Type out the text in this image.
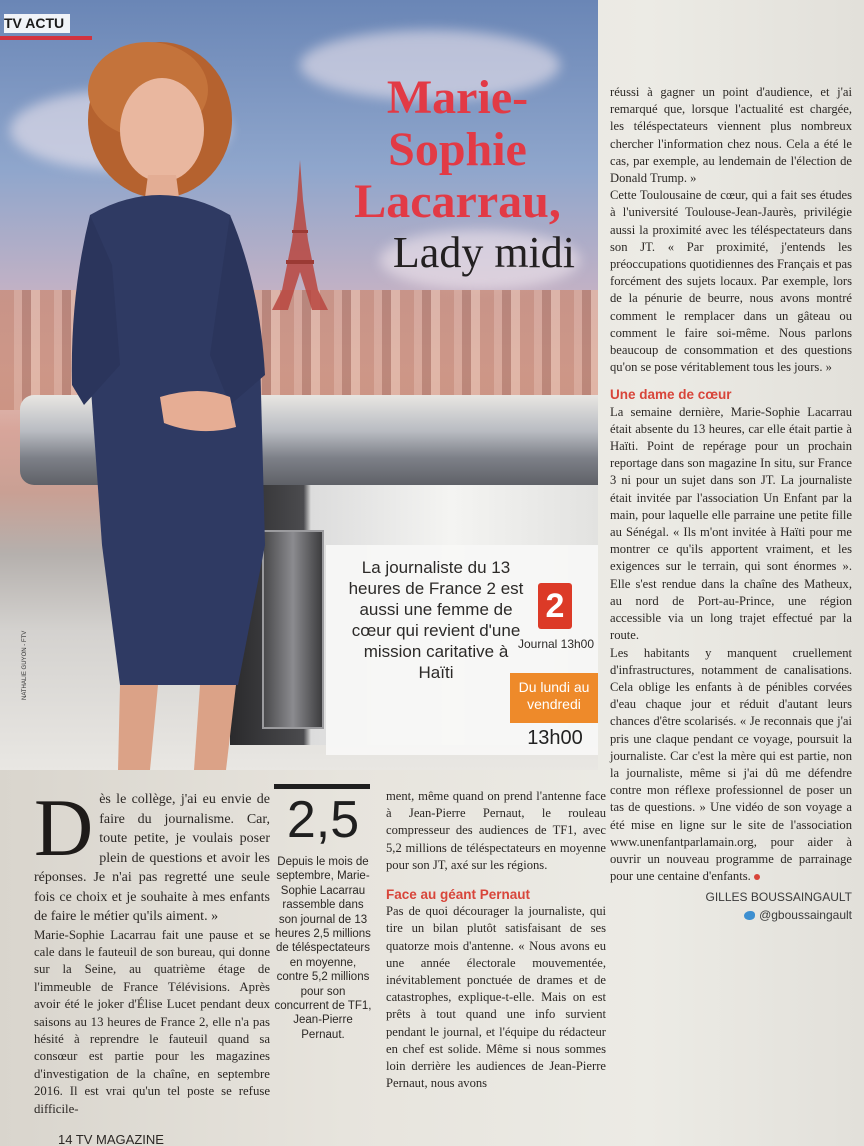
NATHALIE GUYON - FTV
TV ACTU
Marie-
Sophie
Lacarrau,
Lady midi
La journaliste du 13 heures de France 2 est aussi une femme de cœur qui revient d'une mission caritative à Haïti
2
Journal 13h00
Du lundi au vendredi
13h00

réussi à gagner un point d'audience, et j'ai remarqué que, lorsque l'actualité est chargée, les téléspectateurs viennent plus nombreux chercher l'information chez nous. Cela a été le cas, par exemple, au lendemain de l'élection de Donald Trump. »

Cette Toulousaine de cœur, qui a fait ses études à l'université Toulouse-Jean-Jaurès, privilégie aussi la proximité avec les téléspectateurs dans son JT. « Par proximité, j'entends les préoccupations quotidiennes des Français et pas forcément des sujets locaux. Par exemple, lors de la pénurie de beurre, nous avons montré comment le remplacer dans un gâteau ou comment le faire soi-même. Nous parlons beaucoup de consommation et des questions qu'on se pose véritablement tous les jours. »

Une dame de cœur

La semaine dernière, Marie-Sophie Lacarrau était absente du 13 heures, car elle était partie à Haïti. Point de repérage pour un prochain reportage dans son magazine In situ, sur France 3 ni pour un sujet dans son JT. La journaliste était invitée par l'association Un Enfant par la main, pour laquelle elle parraine une petite fille au Sénégal. « Ils m'ont invitée à Haïti pour me montrer ce qu'ils apportent vraiment, et les exigences sur le terrain, qui sont énormes ». Elle s'est rendue dans la chaîne des Matheux, au nord de Port-au-Prince, une région accessible via un long trajet effectué par la route.

Les habitants y manquent cruellement d'infrastructures, notamment de canalisations. Cela oblige les enfants à de pénibles corvées d'eau chaque jour et réduit d'autant leurs chances d'être scolarisés. « Je reconnais que j'ai pris une claque pendant ce voyage, poursuit la journaliste. Car c'est la mère qui est partie, non la journaliste, même si j'ai dû me défendre contre mon réflexe professionnel de poser un tas de questions. » Une vidéo de son voyage a été mise en ligne sur le site de l'association www.unenfantparlamain.org, pour aider à ouvrir un nouveau programme de parrainage pour une centaine d'enfants.

GILLES BOUSSAINGAULT

@gboussaingault

Dès le collège, j'ai eu envie de faire du journalisme. Car, toute petite, je voulais poser plein de questions et avoir les réponses. Je n'ai pas regretté une seule fois ce choix et je souhaite à mes enfants de faire le métier qu'ils aiment. »

Marie-Sophie Lacarrau fait une pause et se cale dans le fauteuil de son bureau, qui donne sur la Seine, au quatrième étage de l'immeuble de France Télévisions. Après avoir été le joker d'Élise Lucet pendant deux saisons au 13 heures de France 2, elle n'a pas hésité à reprendre le fauteuil quand sa consœur est partie pour les magazines d'investigation de la chaîne, en septembre 2016. Il est vrai qu'un tel poste se refuse difficile-

2,5
Depuis le mois de septembre, Marie-Sophie Lacarrau rassemble dans son journal de 13 heures 2,5 millions de téléspectateurs en moyenne, contre 5,2 millions pour son concurrent de TF1, Jean-Pierre Pernaut.

ment, même quand on prend l'antenne face à Jean-Pierre Pernaut, le rouleau compresseur des audiences de TF1, avec 5,2 millions de téléspectateurs en moyenne pour son JT, axé sur les régions.

Face au géant Pernaut

Pas de quoi décourager la journaliste, qui tire un bilan plutôt satisfaisant de ses quatorze mois d'antenne. « Nous avons eu une année électorale mouvementée, inévitablement ponctuée de drames et de catastrophes, explique-t-elle. Mais on est prêts à tout quand une info survient pendant le journal, et l'équipe du rédacteur en chef est solide. Même si nous sommes loin derrière les audiences de Jean-Pierre Pernaut, nous avons

14 TV MAGAZINE
